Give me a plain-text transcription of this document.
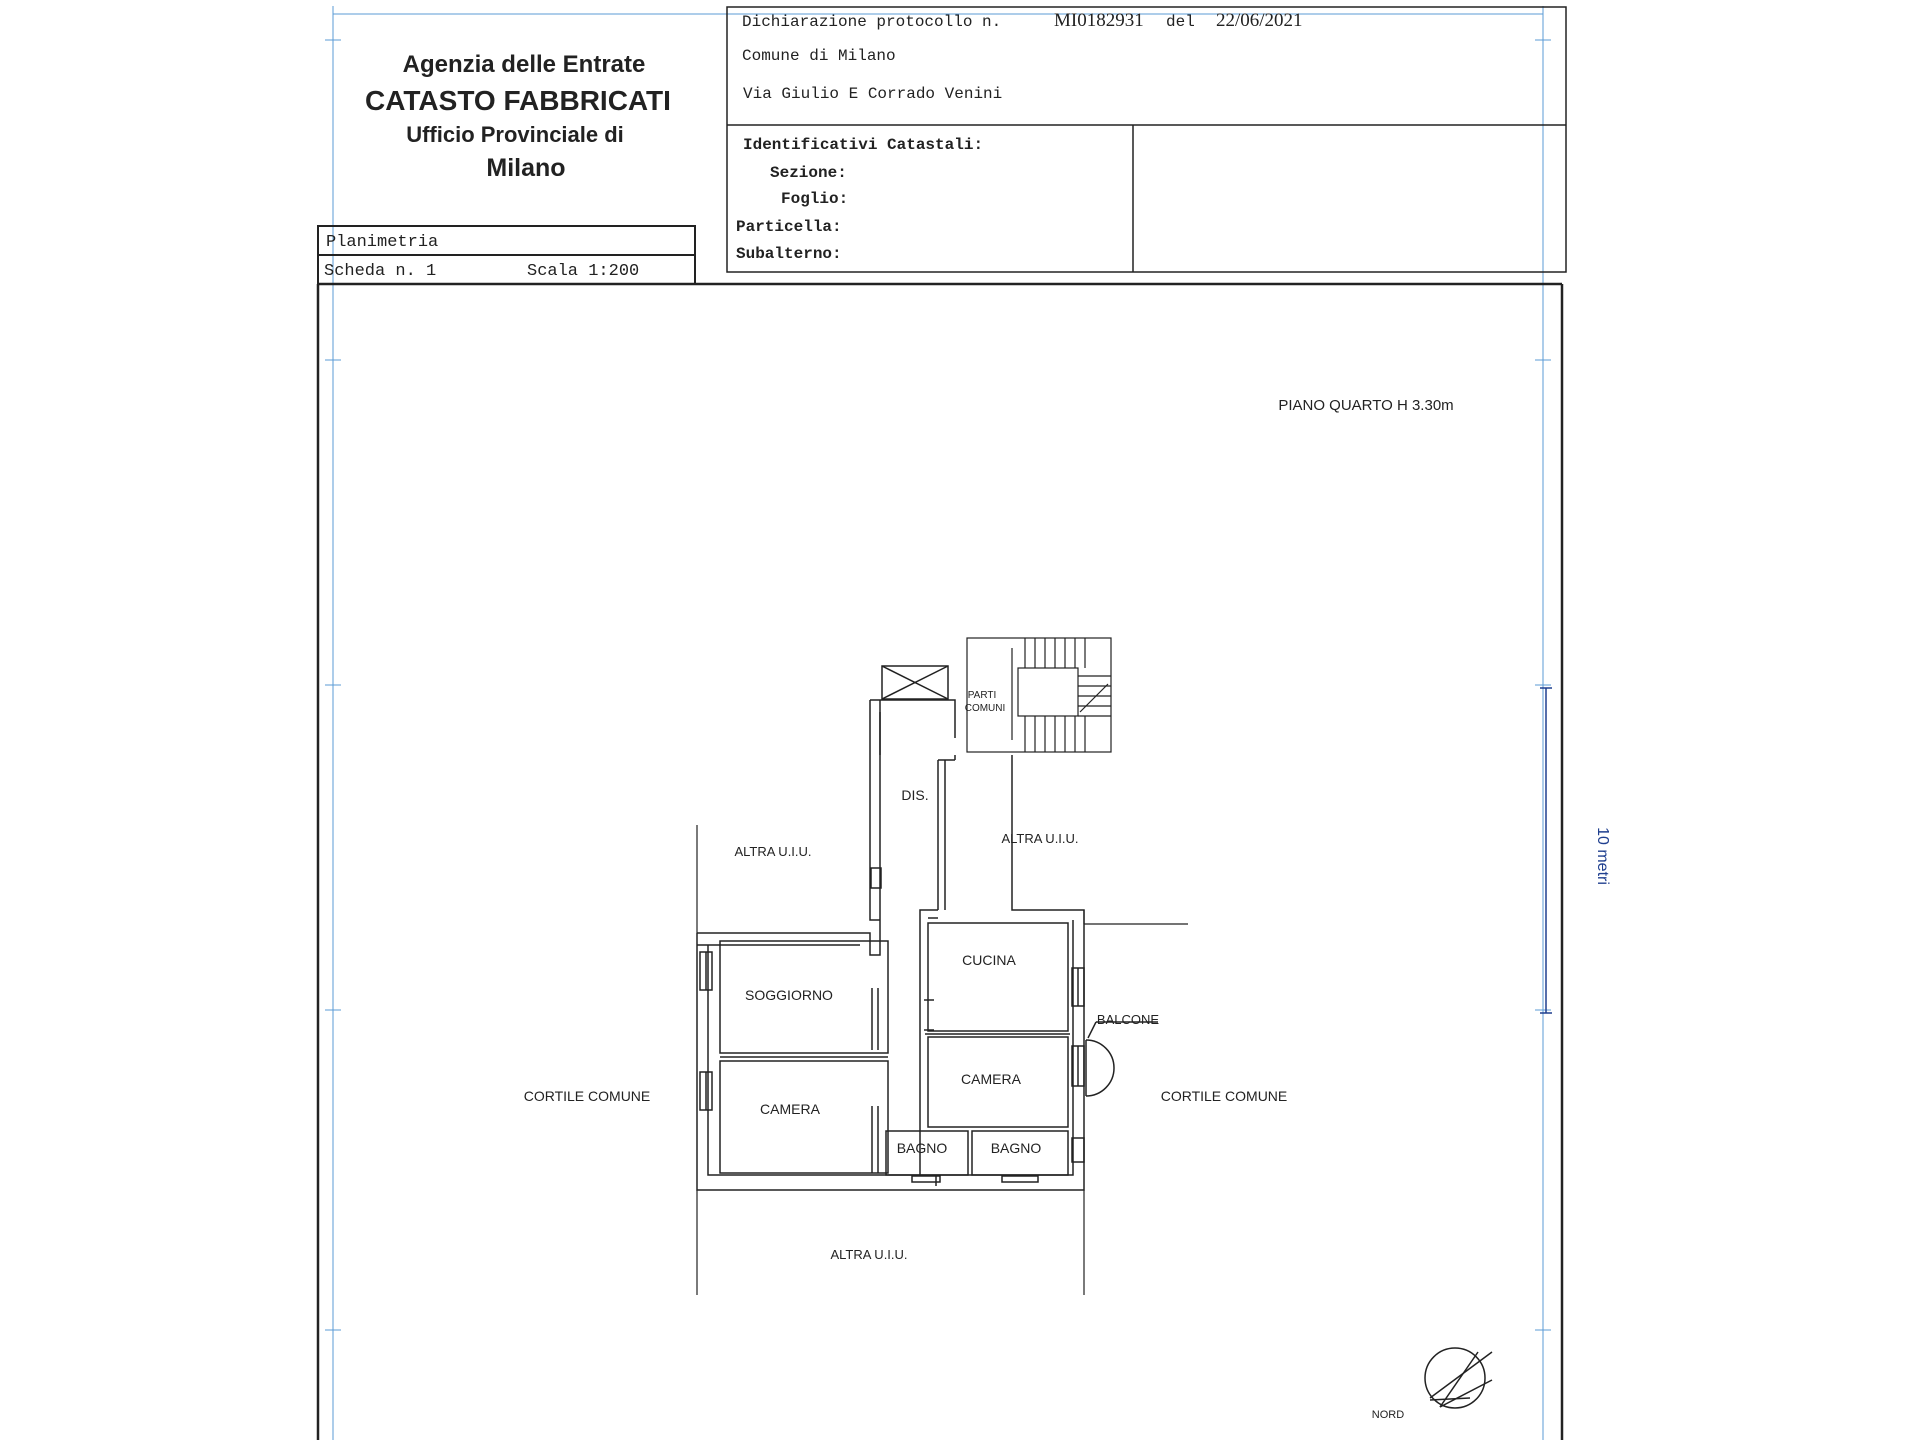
Agenzia delle Entrate
CATASTO FABBRICATI
Ufficio Provinciale di
Milano
Planimetria
Scheda n. 1	Scala 1:200
Dichiarazione protocollo n.	MI0182931 del 22/06/2021
Comune di Milano
Via Giulio E Corrado Venini
Identificativi Catastali:
Sezione:
Foglio:
Particella:
Subalterno:
PIANO QUARTO H 3.30m
10 metri
PARTI
COMUNI
DIS.
ALTRA U.I.U.
ALTRA U.I.U.
CUCINA
SOGGIORNO
BALCONE
CAMERA
CAMERA
BAGNO	BAGNO
CORTILE COMUNE	CORTILE COMUNE
ALTRA U.I.U.
NORD
